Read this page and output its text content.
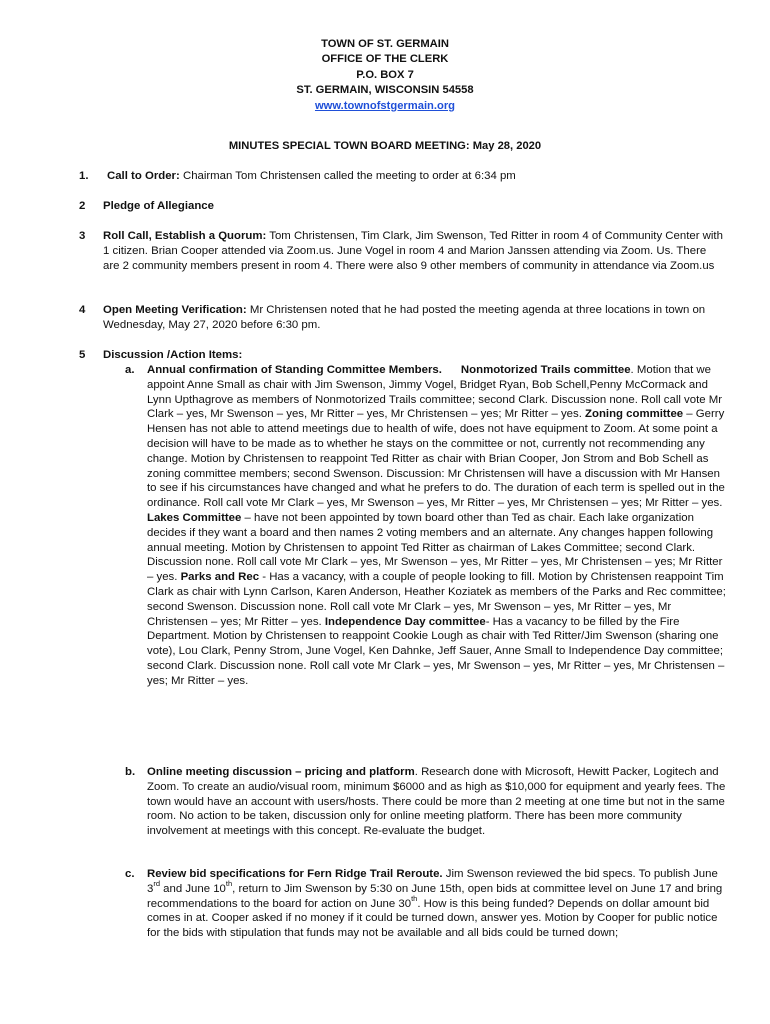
TOWN OF ST. GERMAIN
OFFICE OF THE CLERK
P.O. BOX 7
ST. GERMAIN, WISCONSIN 54558
www.townofstgermain.org
MINUTES SPECIAL TOWN BOARD MEETING: May 28, 2020
1. Call to Order: Chairman Tom Christensen called the meeting to order at 6:34 pm
2 Pledge of Allegiance
3 Roll Call, Establish a Quorum: Tom Christensen, Tim Clark, Jim Swenson, Ted Ritter in room 4 of Community Center with 1 citizen. Brian Cooper attended via Zoom.us. June Vogel in room 4 and Marion Janssen attending via Zoom. Us. There are 2 community members present in room 4. There were also 9 other members of community in attendance via Zoom.us
4 Open Meeting Verification: Mr Christensen noted that he had posted the meeting agenda at three locations in town on Wednesday, May 27, 2020 before 6:30 pm.
5 Discussion /Action Items:
a. Annual confirmation of Standing Committee Members. Nonmotorized Trails committee. Motion that we appoint Anne Small as chair with Jim Swenson, Jimmy Vogel, Bridget Ryan, Bob Schell,Penny McCormack and Lynn Upthagrove as members of Nonmotorized Trails committee; second Clark. Discussion none. Roll call vote Mr Clark – yes, Mr Swenson – yes, Mr Ritter – yes, Mr Christensen – yes; Mr Ritter – yes. Zoning committee – Gerry Hensen has not able to attend meetings due to health of wife, does not have equipment to Zoom. At some point a decision will have to be made as to whether he stays on the committee or not, currently not recommending any change. Motion by Christensen to reappoint Ted Ritter as chair with Brian Cooper, Jon Strom and Bob Schell as zoning committee members; second Swenson. Discussion: Mr Christensen will have a discussion with Mr Hansen to see if his circumstances have changed and what he prefers to do. The duration of each term is spelled out in the ordinance. Roll call vote Mr Clark – yes, Mr Swenson – yes, Mr Ritter – yes, Mr Christensen – yes; Mr Ritter – yes. Lakes Committee – have not been appointed by town board other than Ted as chair. Each lake organization decides if they want a board and then names 2 voting members and an alternate. Any changes happen following annual meeting. Motion by Christensen to appoint Ted Ritter as chairman of Lakes Committee; second Clark. Discussion none. Roll call vote Mr Clark – yes, Mr Swenson – yes, Mr Ritter – yes, Mr Christensen – yes; Mr Ritter – yes. Parks and Rec - Has a vacancy, with a couple of people looking to fill. Motion by Christensen reappoint Tim Clark as chair with Lynn Carlson, Karen Anderson, Heather Koziatek as members of the Parks and Rec committee; second Swenson. Discussion none. Roll call vote Mr Clark – yes, Mr Swenson – yes, Mr Ritter – yes, Mr Christensen – yes; Mr Ritter – yes. Independence Day committee- Has a vacancy to be filled by the Fire Department. Motion by Christensen to reappoint Cookie Lough as chair with Ted Ritter/Jim Swenson (sharing one vote), Lou Clark, Penny Strom, June Vogel, Ken Dahnke, Jeff Sauer, Anne Small to Independence Day committee; second Clark. Discussion none. Roll call vote Mr Clark – yes, Mr Swenson – yes, Mr Ritter – yes, Mr Christensen – yes; Mr Ritter – yes.
b. Online meeting discussion – pricing and platform. Research done with Microsoft, Hewitt Packer, Logitech and Zoom. To create an audio/visual room, minimum $6000 and as high as $10,000 for equipment and yearly fees. The town would have an account with users/hosts. There could be more than 2 meeting at one time but not in the same room. No action to be taken, discussion only for online meeting platform. There has been more community involvement at meetings with this concept. Re-evaluate the budget.
c. Review bid specifications for Fern Ridge Trail Reroute. Jim Swenson reviewed the bid specs. To publish June 3rd and June 10th, return to Jim Swenson by 5:30 on June 15th, open bids at committee level on June 17 and bring recommendations to the board for action on June 30th. How is this being funded? Depends on dollar amount bid comes in at. Cooper asked if no money if it could be turned down, answer yes. Motion by Cooper for public notice for the bids with stipulation that funds may not be available and all bids could be turned down;
